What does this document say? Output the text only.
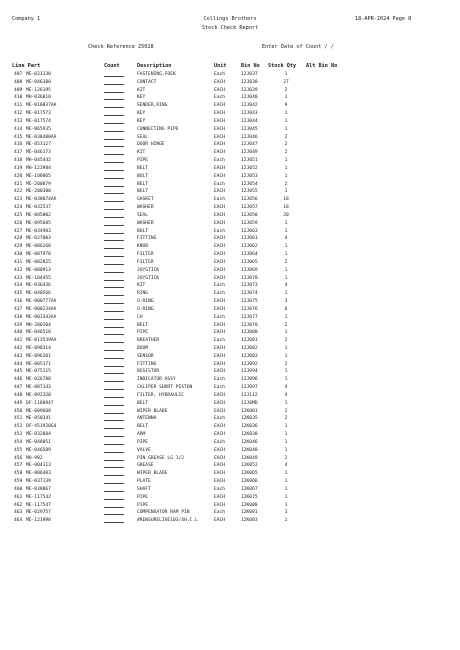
Company 1	Collings Brothers
Stock Check Report
18-APR-2024 Page 8
Check Reference 25028	Enter Date of Count / /
Line Part	Count	Description	Unit	Bin No Stock Qty Alt Bin No
407 ME-021130	FASTENING,FOEK	Each	12J037	1
408 ME-046380	CONTACT	EACH	12J038	27
409 ME-126195	KIT	EACH	12J039	2
410 MH-036818	KEY	Each	12J040	1
411 ME-010037AA	SENDER,RING	EACH	12J042	9
412 ME-017573	KEY	EACH	12J043	1
413 ME-017574	KEY	EACH	12J044	1
414 ME-065935	CONNECTING PIPE	EACH	12J045	1
415 ME-038480AA	SEAL	EACH	12J046	2
416 ME-053127	DOOR HINGE	EACH	12J047	2
417 ME-046173	KIT	EACH	12J049	2
418 MH-045442	PIPE	Each	12J051	1
419 MH-123984	BELT	EACH	12J052	1
420 ME-108865	BOLT	EACH	12J053	1
421 ME-200079	BELT	Each	12J054	2
422 ME-200380	BELT	EACH	12J055	1
423 ME-038074AA	GASKET	Each	12J056	18
424 ME-032537	WASHER	EACH	12J057	18
425 ME-085002	SEAL	EACH	12J058	20
426 ME-095605	WASHER	EACH	12J059	1
427 ME-034903	BOLT	Each	12J063	1
428 ME-027003	FITTING	EACH	12J061	4
429 ME-086260	KNOB	EACH	12J062	1
430 ME-087978	FILTER	EACH	12J064	1
431 ME-082825	FILTER	EACH	12J065	2
432 ME-080913	JOYSTICK	EACH	12J069	1
433 ME-104455	JOYSTICK	EACH	12J070	1
434 ME-036436	KIT	Each	12J073	4
435 ME-040566	RING	Each	12J074	1
436 ME-000777AA	O-RING	EACH	12J075	3
437 ME-000234AA	O-RING	EACH	12J076	6
438 ME-001343AA	CH	Each	12J077	1
439 MH-280104	BELT	EACH	12J078	2
440 ME-046518	PIPE	EACH	12J080	1
441 ME-013539AA	BREATHER	Each	12J081	2
442 ME-098314	BOOM	EACH	12J082	1
443 ME-096201	SENSOR	EACH	12J083	1
444 ME-005371	FITTING	EACH	12J092	2
445 ME-075115	RESISTOR	EACH	12J094	1
446 ME-026788	INDICATOR ASSY	Each	12J096	1
447 ME-087143	CALIPER SHORT PISTON	Each	12J097	4
448 ME-092320	FILTER, HYDRAULIC	EACH	12J112	4
449 DF-1180947	BELT	EACH	12J8MD	1
450 ME-009600	WIPER BLADE	EACH	12K001	2
451 ME-050341	ANTENNA	Each	12K035	2
452 DF-451920G4	BELT	EACH	12K036	1
453 ME-032804	ARM	EACH	12K038	1
454 ME-048051	PIPE	Each	12K046	1
455 ME-046589	VALVE	EACH	12K048	1
456 MH-902	PIN GREASE LG 1/2	EACH	12K049	2
457 ME-004113	GREASE	EACH	12K052	4
458 ME-006403	WIPER BLADE	EACH	12K065	1
459 ME-037139	PLATE	EACH	12K066	1
460 ME-038067	SHAFT	Each	12K067	1
461 ME-117542	PIPE	EACH	12K075	1
462 ME-117547	PIPE	EACH	12K080	1
463 ME-029757	COMPENSATOR RAM PIN	Each	12K081	1
464 ME-121998	#RENSURELIVE103/4H.C.L	EACH	12K083	1
